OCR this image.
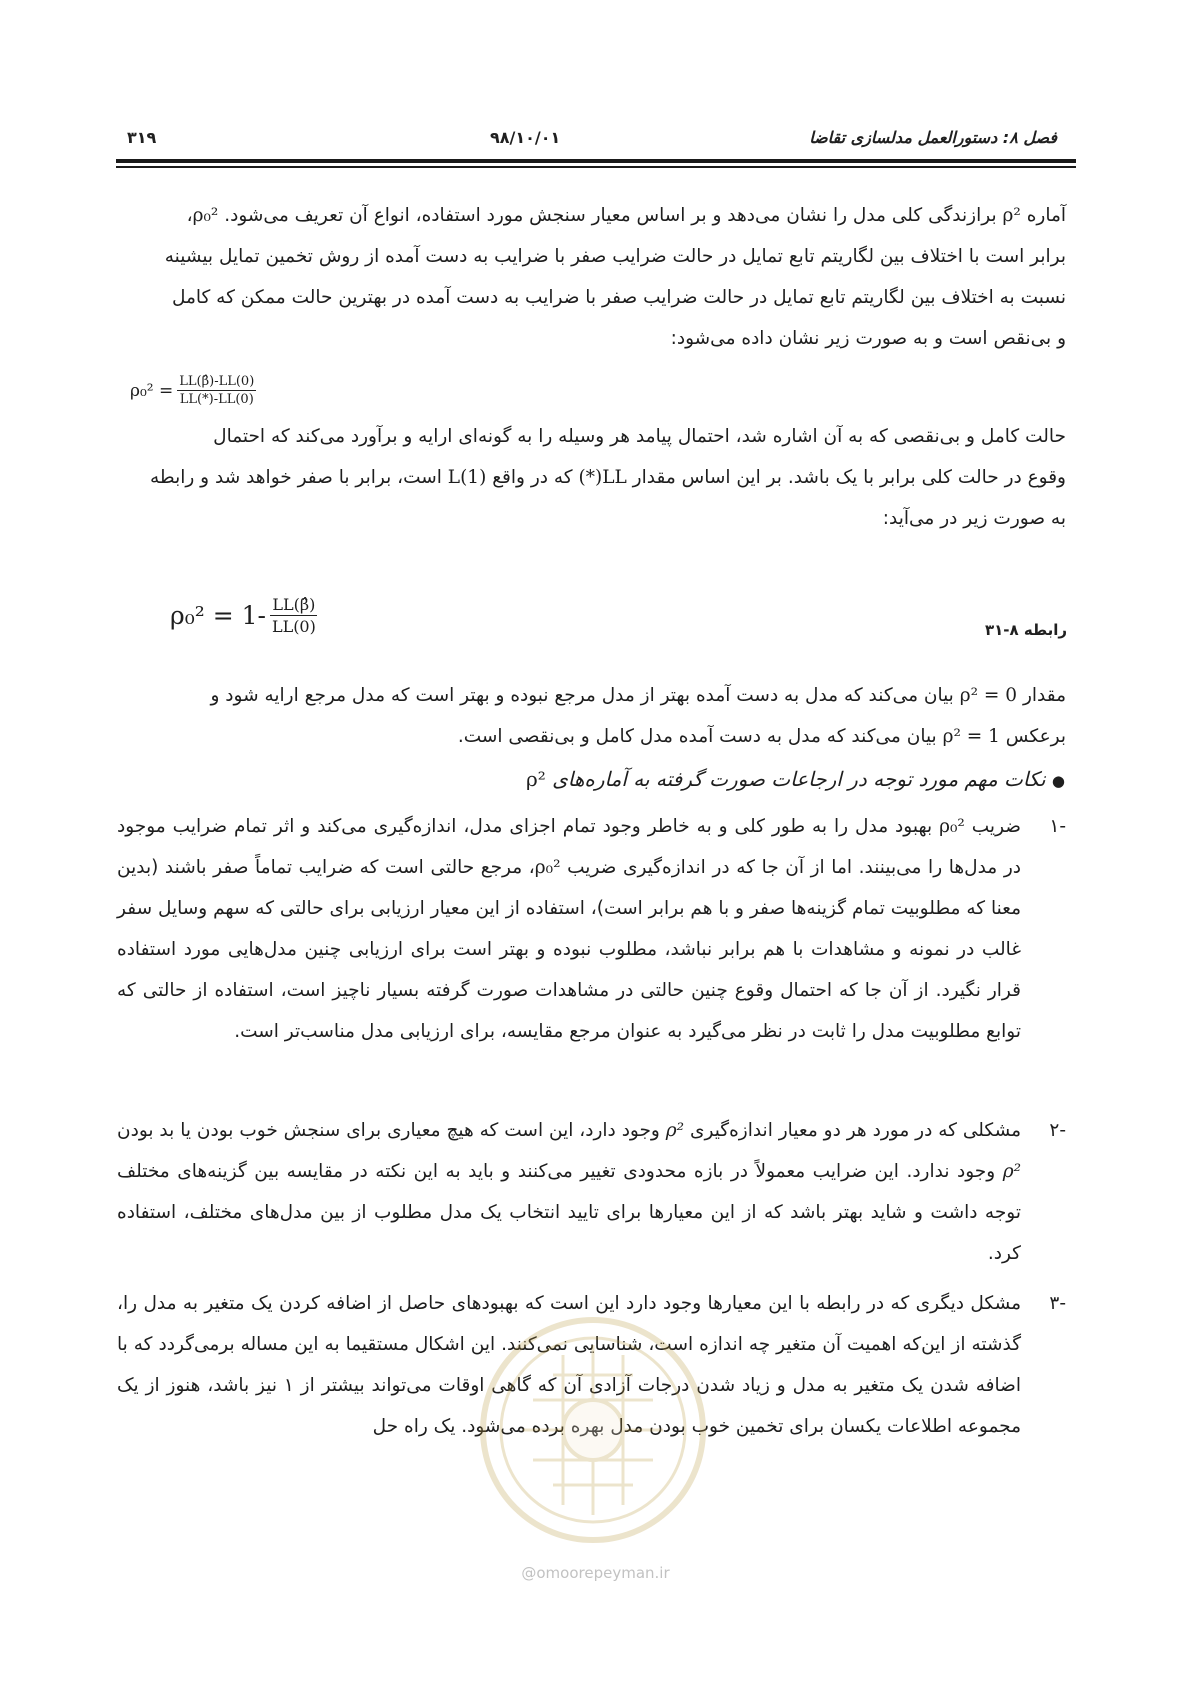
فصل ۸: دستورالعمل مدلسازی تقاضا
۹۸/۱۰/۰۱
۳۱۹
آماره ρ² برازندگی کلی مدل را نشان می‌دهد و بر اساس معیار سنجش مورد استفاده، انواع آن تعریف می‌شود. ρ₀²،
برابر است با اختلاف بین لگاریتم تابع تمایل در حالت ضرایب صفر با ضرایب به دست آمده از روش تخمین تمایل بیشینه
نسبت به اختلاف بین لگاریتم تابع تمایل در حالت ضرایب صفر با ضرایب به دست آمده در بهترین حالت ممکن که کامل
و بی‌نقص است و به صورت زیر نشان داده می‌شود:
$\rho_0^2 = \frac{LL(\betâ)-LL(0)}{LL(*)-LL(0)}$
حالت کامل و بی‌نقصی که به آن اشاره شد، احتمال پیامد هر وسیله را به گونه‌ای ارایه و برآورد می‌کند که احتمال
وقوع در حالت کلی برابر با یک باشد. بر این اساس مقدار LL(*) که در واقع L(1) است، برابر با صفر خواهد شد و رابطه
به صورت زیر در می‌آید:
$\rho_0^2 = 1- \frac{LL(\betâ)}{LL(0)}$	رابطه ۸-۳۱
مقدار ρ² = 0 بیان می‌کند که مدل به دست آمده بهتر از مدل مرجع نبوده و بهتر است که مدل مرجع ارایه شود و
برعکس ρ² = 1 بیان می‌کند که مدل به دست آمده مدل کامل و بی‌نقصی است.
● نکات مهم مورد توجه در ارجاعات صورت گرفته به آماره‌های ρ²
-۱
ضریب ρ₀² بهبود مدل را به طور کلی و به خاطر وجود تمام اجزای مدل، اندازه‌گیری می‌کند و اثر تمام ضرایب موجود در مدل‌ها را می‌بینند. اما از آن جا که در اندازه‌گیری ضریب ρ₀²، مرجع حالتی است که ضرایب تماماً صفر باشند (بدین معنا که مطلوبیت تمام گزینه‌ها صفر و با هم برابر است)، استفاده از این معیار ارزیابی برای حالتی که سهم وسایل سفر غالب در نمونه و مشاهدات با هم برابر نباشد، مطلوب نبوده و بهتر است برای ارزیابی چنین مدل‌هایی مورد استفاده قرار نگیرد. از آن جا که احتمال وقوع چنین حالتی در مشاهدات صورت گرفته بسیار ناچیز است، استفاده از حالتی که توابع مطلوبیت مدل را ثابت در نظر می‌گیرد به عنوان مرجع مقایسه، برای ارزیابی مدل مناسب‌تر است.
-۲
مشکلی که در مورد هر دو معیار اندازه‌گیری ρ² وجود دارد، این است که هیچ معیاری برای سنجش خوب بودن یا بد بودن ρ² وجود ندارد. این ضرایب معمولاً در بازه محدودی تغییر می‌کنند و باید به این نکته در مقایسه بین گزینه‌های مختلف توجه داشت و شاید بهتر باشد که از این معیارها برای تایید انتخاب یک مدل مطلوب از بین مدل‌های مختلف، استفاده کرد.
-۳
مشکل دیگری که در رابطه با این معیارها وجود دارد این است که بهبودهای حاصل از اضافه کردن یک متغیر به مدل را، گذشته از این‌که اهمیت آن متغیر چه اندازه است، شناسایی نمی‌کنند. این اشکال مستقیما به این مساله برمی‌گردد که با اضافه شدن یک متغیر به مدل و زیاد شدن درجات آزادی آن که گاهی اوقات می‌تواند بیشتر از ۱ نیز باشد، هنوز از یک مجموعه اطلاعات یکسان برای تخمین خوب بودن مدل بهره برده می‌شود. یک راه حل
@omoorepeyman.ir
